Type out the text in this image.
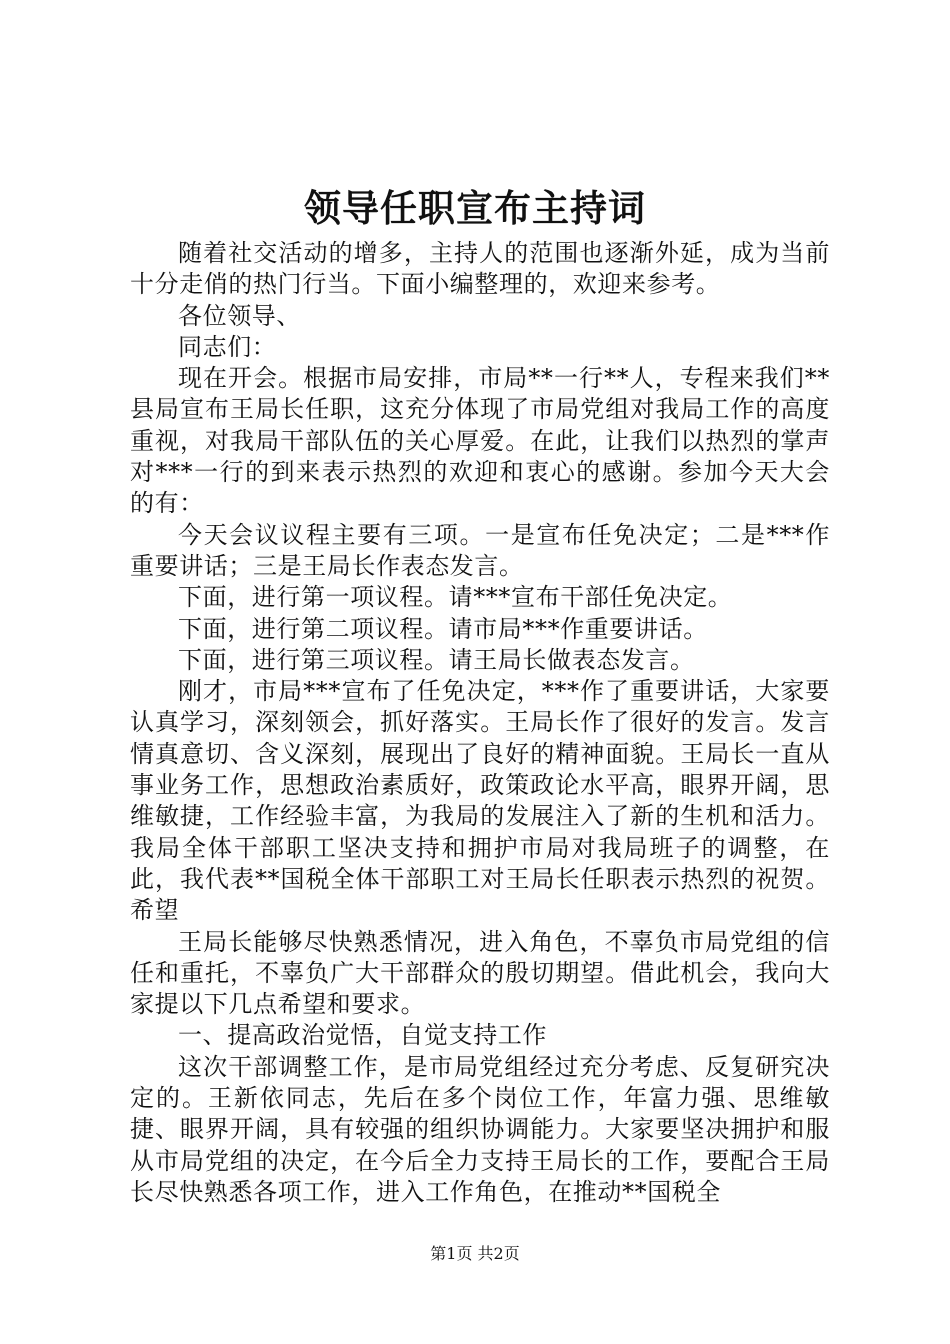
领导任职宣布主持词

随着社交活动的增多，主持人的范围也逐渐外延，成为当前十分走俏的热门行当。下面小编整理的，欢迎来参考。

各位领导、

同志们：

现在开会。根据市局安排，市局**一行**人，专程来我们**县局宣布王局长任职，这充分体现了市局党组对我局工作的高度重视，对我局干部队伍的关心厚爱。在此，让我们以热烈的掌声对***一行的到来表示热烈的欢迎和衷心的感谢。参加今天大会的有：

今天会议议程主要有三项。一是宣布任免决定；二是***作重要讲话；三是王局长作表态发言。

下面，进行第一项议程。请***宣布干部任免决定。

下面，进行第二项议程。请市局***作重要讲话。

下面，进行第三项议程。请王局长做表态发言。

刚才，市局***宣布了任免决定，***作了重要讲话，大家要认真学习，深刻领会，抓好落实。王局长作了很好的发言。发言情真意切、含义深刻，展现出了良好的精神面貌。王局长一直从事业务工作，思想政治素质好，政策政论水平高，眼界开阔，思维敏捷，工作经验丰富，为我局的发展注入了新的生机和活力。我局全体干部职工坚决支持和拥护市局对我局班子的调整，在此，我代表**国税全体干部职工对王局长任职表示热烈的祝贺。希望

王局长能够尽快熟悉情况，进入角色，不辜负市局党组的信任和重托，不辜负广大干部群众的殷切期望。借此机会，我向大家提以下几点希望和要求。

一、提高政治觉悟，自觉支持工作

这次干部调整工作，是市局党组经过充分考虑、反复研究决定的。王新依同志，先后在多个岗位工作，年富力强、思维敏捷、眼界开阔，具有较强的组织协调能力。大家要坚决拥护和服从市局党组的决定，在今后全力支持王局长的工作，要配合王局长尽快熟悉各项工作，进入工作角色，在推动**国税全

第1页 共2页
